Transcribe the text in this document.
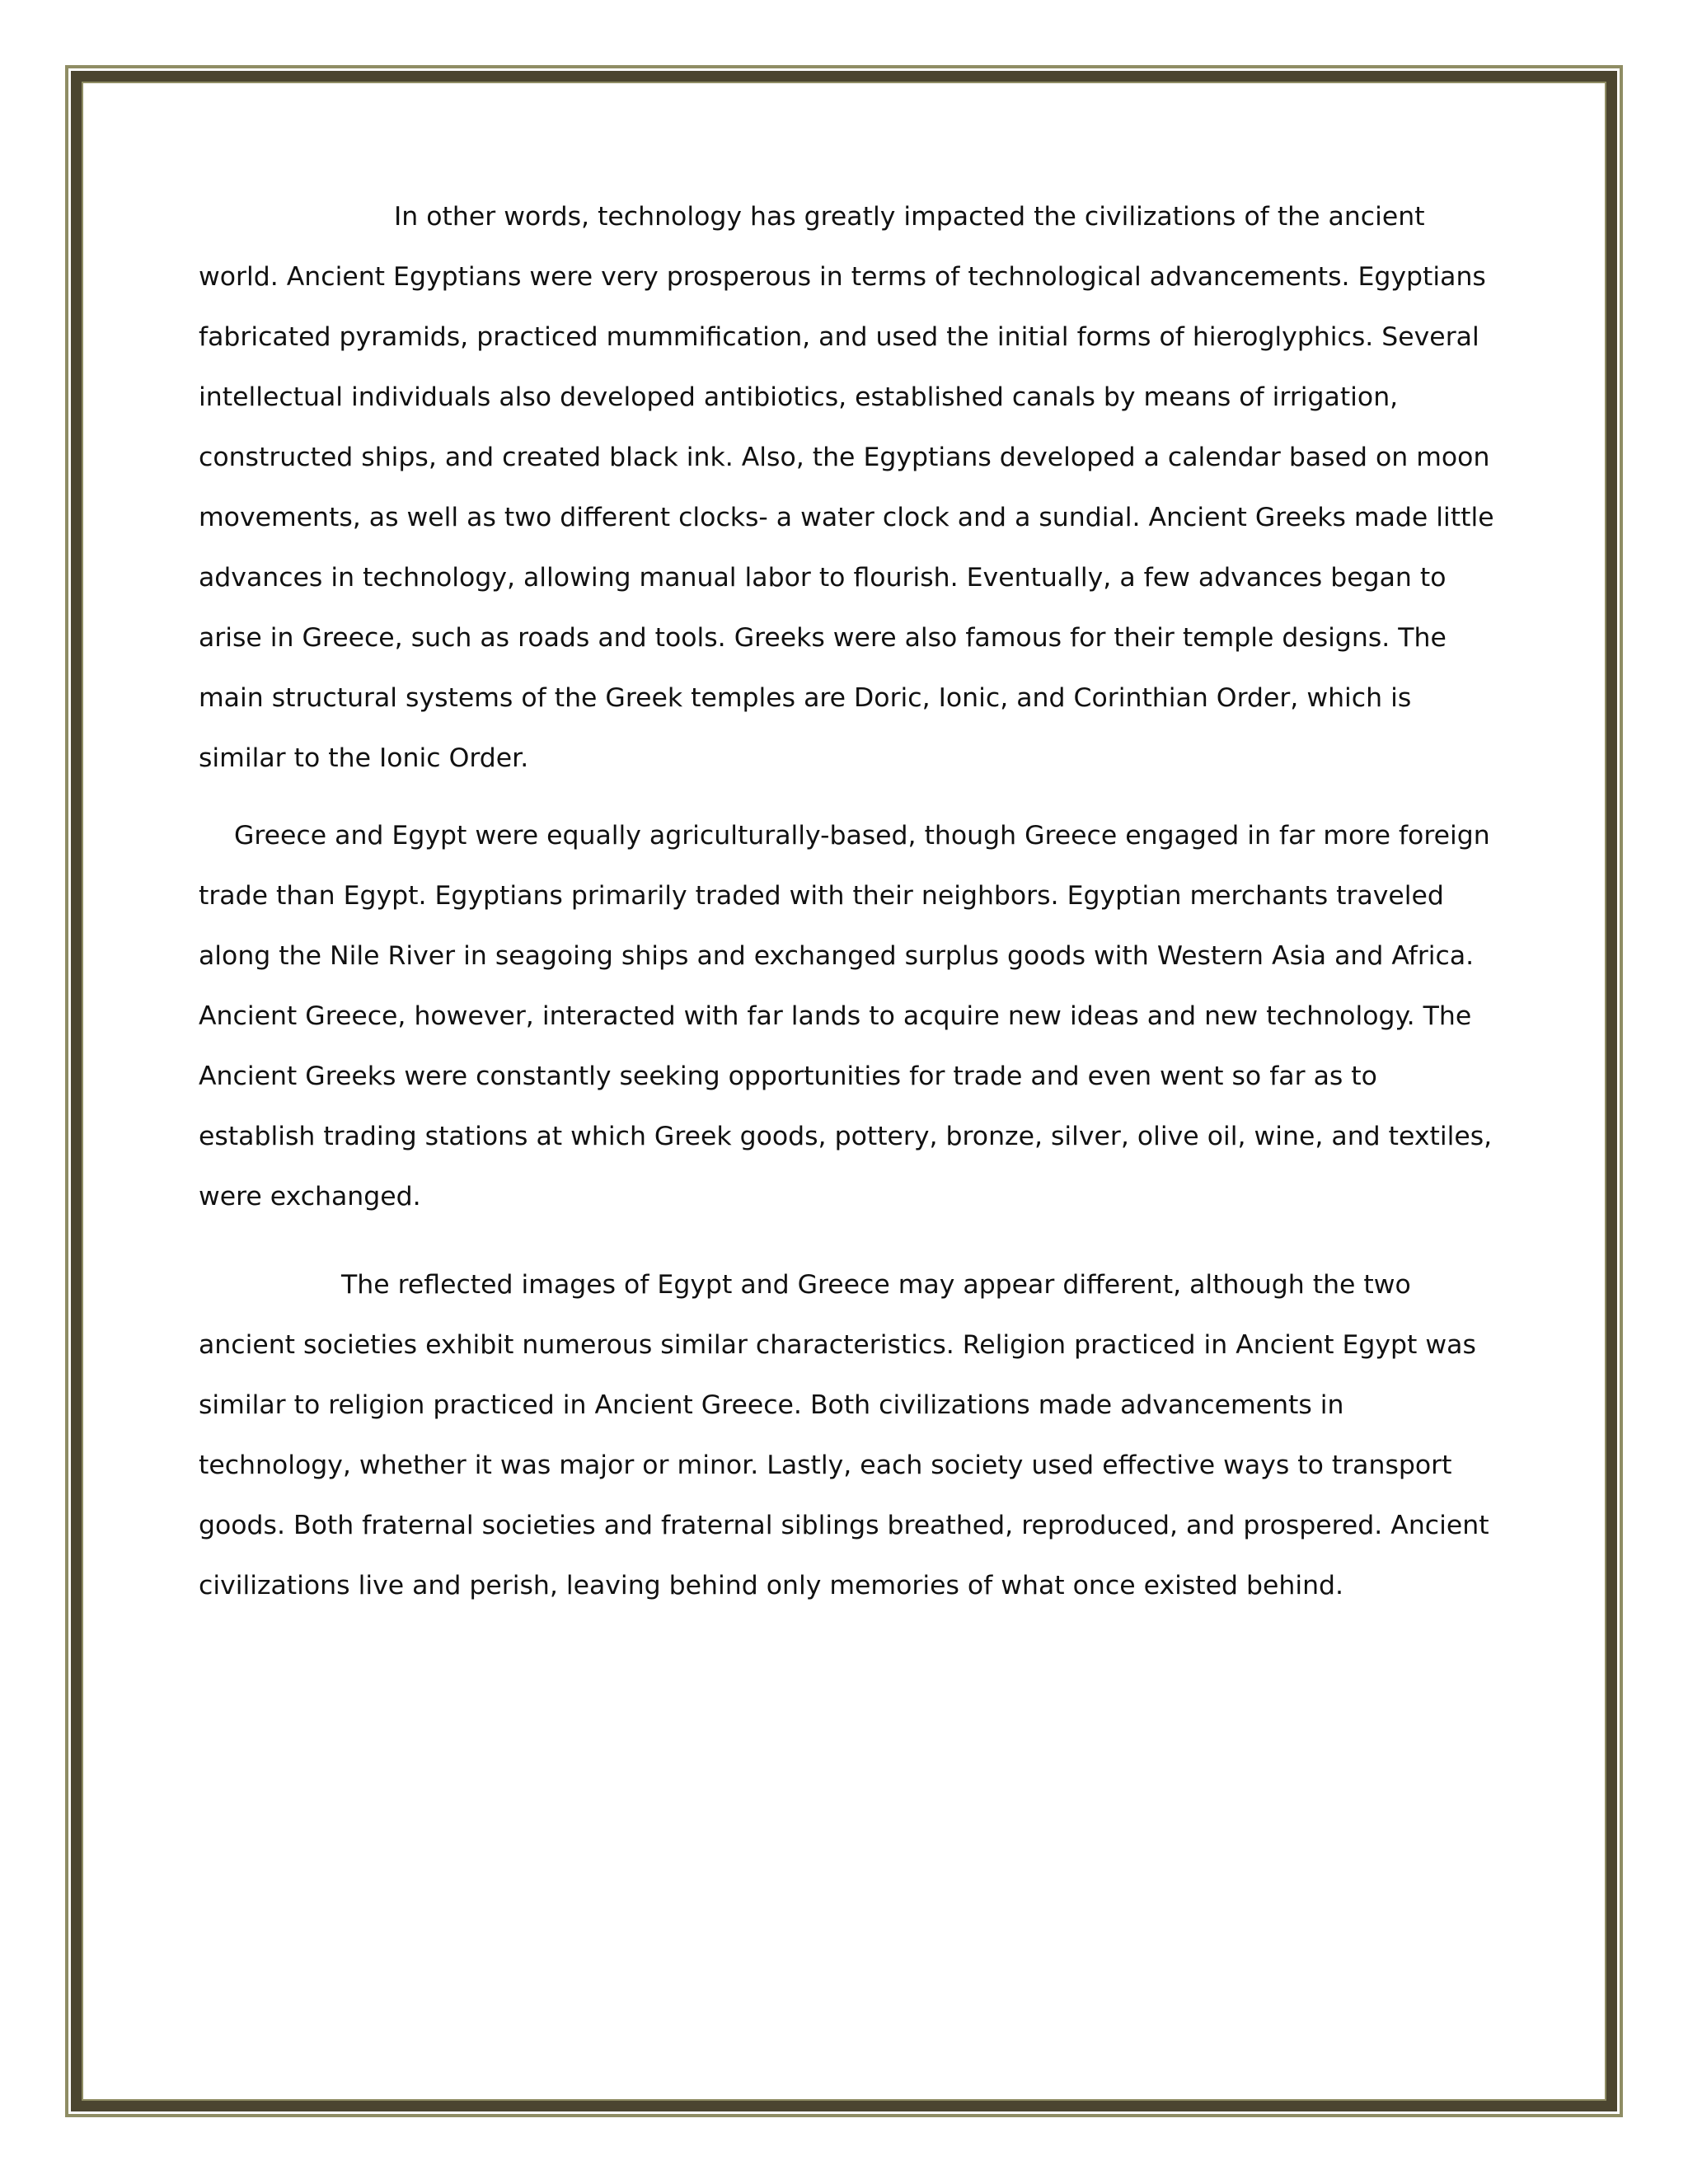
In other words, technology has greatly impacted the civilizations of the ancient world. Ancient Egyptians were very prosperous in terms of technological advancements. Egyptians fabricated pyramids, practiced mummification, and used the initial forms of hieroglyphics. Several intellectual individuals also developed antibiotics, established canals by means of irrigation, constructed ships, and created black ink. Also, the Egyptians developed a calendar based on moon movements, as well as two different clocks- a water clock and a sundial. Ancient Greeks made little advances in technology, allowing manual labor to flourish. Eventually, a few advances began to arise in Greece, such as roads and tools. Greeks were also famous for their temple designs. The main structural systems of the Greek temples are Doric, Ionic, and Corinthian Order, which is similar to the Ionic Order.

Greece and Egypt were equally agriculturally-based, though Greece engaged in far more foreign trade than Egypt. Egyptians primarily traded with their neighbors. Egyptian merchants traveled along the Nile River in seagoing ships and exchanged surplus goods with Western Asia and Africa. Ancient Greece, however, interacted with far lands to acquire new ideas and new technology. The Ancient Greeks were constantly seeking opportunities for trade and even went so far as to establish trading stations at which Greek goods, pottery, bronze, silver, olive oil, wine, and textiles, were exchanged.

The reflected images of Egypt and Greece may appear different, although the two ancient societies exhibit numerous similar characteristics. Religion practiced in Ancient Egypt was similar to religion practiced in Ancient Greece. Both civilizations made advancements in technology, whether it was major or minor. Lastly, each society used effective ways to transport goods. Both fraternal societies and fraternal siblings breathed, reproduced, and prospered. Ancient civilizations live and perish, leaving behind only memories of what once existed behind.
